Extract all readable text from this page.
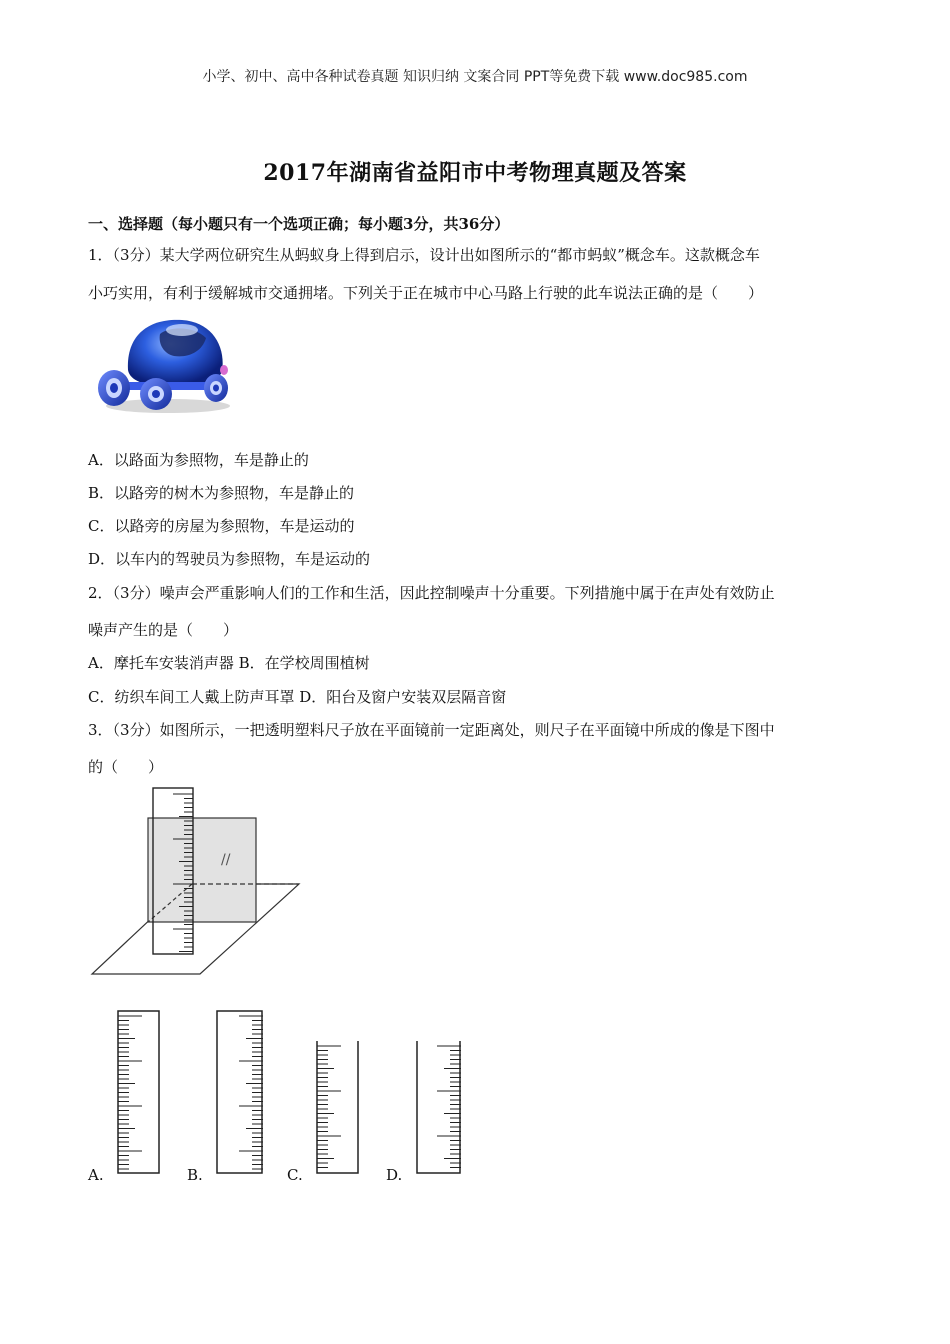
小学、初中、高中各种试卷真题 知识归纳 文案合同 PPT等免费下载 www.doc985.com
2017年湖南省益阳市中考物理真题及答案
一、选择题（每小题只有一个选项正确；每小题3分，共36分）
1．（3分）某大学两位研究生从蚂蚁身上得到启示，设计出如图所示的“都市蚂蚁”概念车。这款概念车
小巧实用，有利于缓解城市交通拥堵。下列关于正在城市中心马路上行驶的此车说法正确的是（　　）
A．以路面为参照物，车是静止的
B．以路旁的树木为参照物，车是静止的
C．以路旁的房屋为参照物，车是运动的
D．以车内的驾驶员为参照物，车是运动的
2．（3分）噪声会严重影响人们的工作和生活，因此控制噪声十分重要。下列措施中属于在声处有效防止
噪声产生的是（　　）
A．摩托车安装消声器 B．在学校周围植树
C．纺织车间工人戴上防声耳罩 D．阳台及窗户安装双层隔音窗
3．（3分）如图所示，一把透明塑料尺子放在平面镜前一定距离处，则尺子在平面镜中所成的像是下图中
的（　　）
//
A.	B.	C.	D.
